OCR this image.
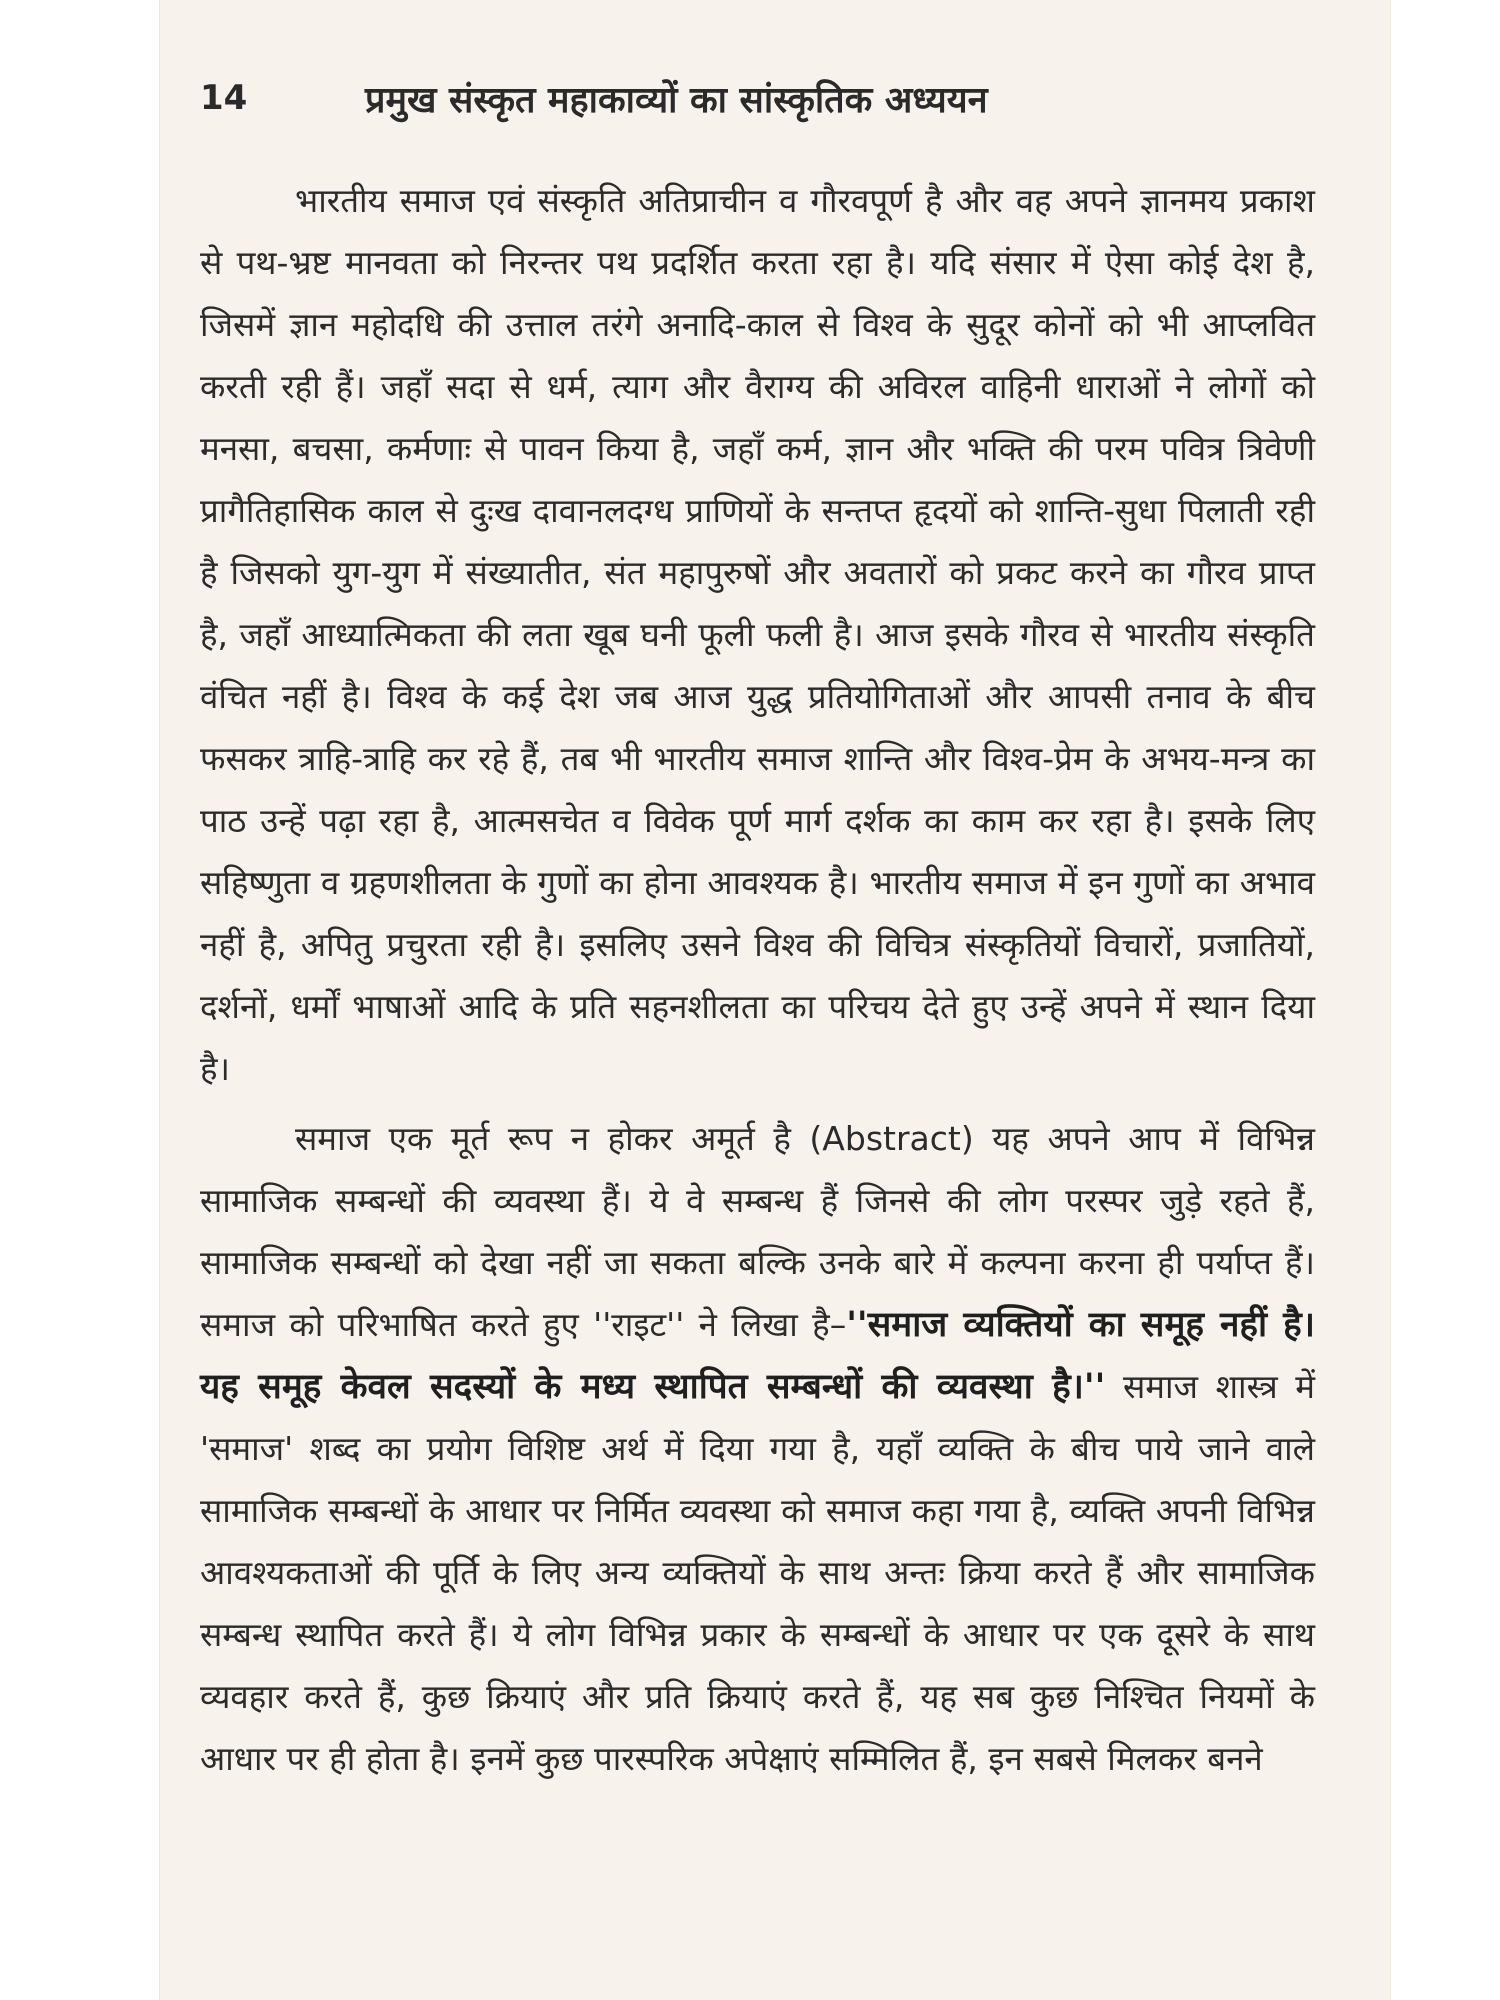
14	प्रमुख संस्कृत महाकाव्यों का सांस्कृतिक अध्ययन

भारतीय समाज एवं संस्कृति अतिप्राचीन व गौरवपूर्ण है और वह अपने ज्ञानमय प्रकाश से पथ-भ्रष्ट मानवता को निरन्तर पथ प्रदर्शित करता रहा है। यदि संसार में ऐसा कोई देश है, जिसमें ज्ञान महोदधि की उत्ताल तरंगे अनादि-काल से विश्व के सुदूर कोनों को भी आप्लवित करती रही हैं। जहाँ सदा से धर्म, त्याग और वैराग्य की अविरल वाहिनी धाराओं ने लोगों को मनसा, बचसा, कर्मणाः से पावन किया है, जहाँ कर्म, ज्ञान और भक्ति की परम पवित्र त्रिवेणी प्रागैतिहासिक काल से दुःख दावानलदग्ध प्राणियों के सन्तप्त हृदयों को शान्ति-सुधा पिलाती रही है जिसको युग-युग में संख्यातीत, संत महापुरुषों और अवतारों को प्रकट करने का गौरव प्राप्त है, जहाँ आध्यात्मिकता की लता खूब घनी फूली फली है। आज इसके गौरव से भारतीय संस्कृति वंचित नहीं है। विश्व के कई देश जब आज युद्ध प्रतियोगिताओं और आपसी तनाव के बीच फसकर त्राहि-त्राहि कर रहे हैं, तब भी भारतीय समाज शान्ति और विश्व-प्रेम के अभय-मन्त्र का पाठ उन्हें पढ़ा रहा है, आत्मसचेत व विवेक पूर्ण मार्ग दर्शक का काम कर रहा है। इसके लिए सहिष्णुता व ग्रहणशीलता के गुणों का होना आवश्यक है। भारतीय समाज में इन गुणों का अभाव नहीं है, अपितु प्रचुरता रही है। इसलिए उसने विश्व की विचित्र संस्कृतियों विचारों, प्रजातियों, दर्शनों, धर्मों भाषाओं आदि के प्रति सहनशीलता का परिचय देते हुए उन्हें अपने में स्थान दिया है।

समाज एक मूर्त रूप न होकर अमूर्त है (Abstract) यह अपने आप में विभिन्न सामाजिक सम्बन्धों की व्यवस्था हैं। ये वे सम्बन्ध हैं जिनसे की लोग परस्पर जुड़े रहते हैं, सामाजिक सम्बन्धों को देखा नहीं जा सकता बल्कि उनके बारे में कल्पना करना ही पर्याप्त हैं। समाज को परिभाषित करते हुए ''राइट'' ने लिखा है–''समाज व्यक्तियों का समूह नहीं है। यह समूह केवल सदस्यों के मध्य स्थापित सम्बन्धों की व्यवस्था है।'' समाज शास्त्र में 'समाज' शब्द का प्रयोग विशिष्ट अर्थ में दिया गया है, यहाँ व्यक्ति के बीच पाये जाने वाले सामाजिक सम्बन्धों के आधार पर निर्मित व्यवस्था को समाज कहा गया है, व्यक्ति अपनी विभिन्न आवश्यकताओं की पूर्ति के लिए अन्य व्यक्तियों के साथ अन्तः क्रिया करते हैं और सामाजिक सम्बन्ध स्थापित करते हैं। ये लोग विभिन्न प्रकार के सम्बन्धों के आधार पर एक दूसरे के साथ व्यवहार करते हैं, कुछ क्रियाएं और प्रति क्रियाएं करते हैं, यह सब कुछ निश्चित नियमों के आधार पर ही होता है। इनमें कुछ पारस्परिक अपेक्षाएं सम्मिलित हैं, इन सबसे मिलकर बनने
